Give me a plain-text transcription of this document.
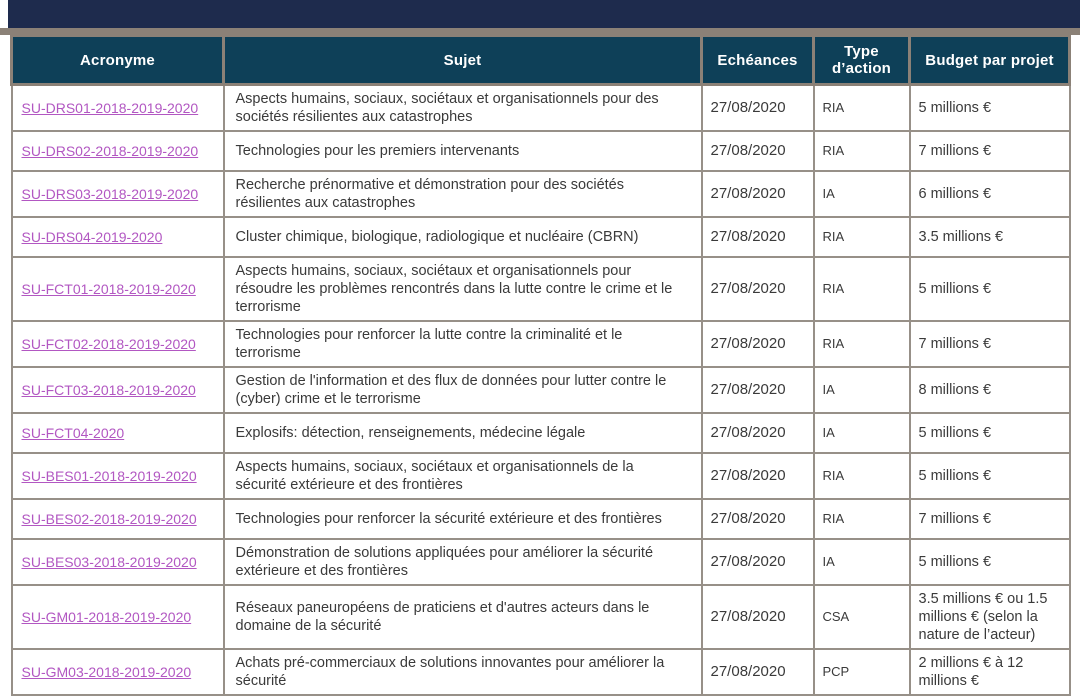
Acronyme	Sujet	Echéances	Type d’action	Budget par projet
SU-DRS01-2018-2019-2020	Aspects humains, sociaux, sociétaux et organisationnels pour des sociétés résilientes aux catastrophes	27/08/2020	RIA	5 millions €
SU-DRS02-2018-2019-2020	Technologies pour les premiers intervenants	27/08/2020	RIA	7 millions €
SU-DRS03-2018-2019-2020	Recherche prénormative et démonstration pour des sociétés résilientes aux catastrophes	27/08/2020	IA	6 millions €
SU-DRS04-2019-2020	Cluster chimique, biologique, radiologique et nucléaire (CBRN)	27/08/2020	RIA	3.5 millions €
SU-FCT01-2018-2019-2020	Aspects humains, sociaux, sociétaux et organisationnels pour résoudre les problèmes rencontrés dans la lutte contre le crime et le terrorisme	27/08/2020	RIA	5 millions €
SU-FCT02-2018-2019-2020	Technologies pour renforcer la lutte contre la criminalité et le terrorisme	27/08/2020	RIA	7 millions €
SU-FCT03-2018-2019-2020	Gestion de l'information et des flux de données pour lutter contre le (cyber) crime et le terrorisme	27/08/2020	IA	8 millions €
SU-FCT04-2020	Explosifs: détection, renseignements, médecine légale	27/08/2020	IA	5 millions €
SU-BES01-2018-2019-2020	Aspects humains, sociaux, sociétaux et organisationnels de la sécurité extérieure et des frontières	27/08/2020	RIA	5 millions €
SU-BES02-2018-2019-2020	Technologies pour renforcer la sécurité extérieure et des frontières	27/08/2020	RIA	7 millions €
SU-BES03-2018-2019-2020	Démonstration de solutions appliquées pour améliorer la sécurité extérieure et des frontières	27/08/2020	IA	5 millions €
SU-GM01-2018-2019-2020	Réseaux paneuropéens de praticiens et d'autres acteurs dans le domaine de la sécurité	27/08/2020	CSA	3.5 millions € ou 1.5 millions € (selon la nature de l’acteur)
SU-GM03-2018-2019-2020	Achats pré-commerciaux de solutions innovantes pour améliorer la sécurité	27/08/2020	PCP	2 millions € à 12 millions €
